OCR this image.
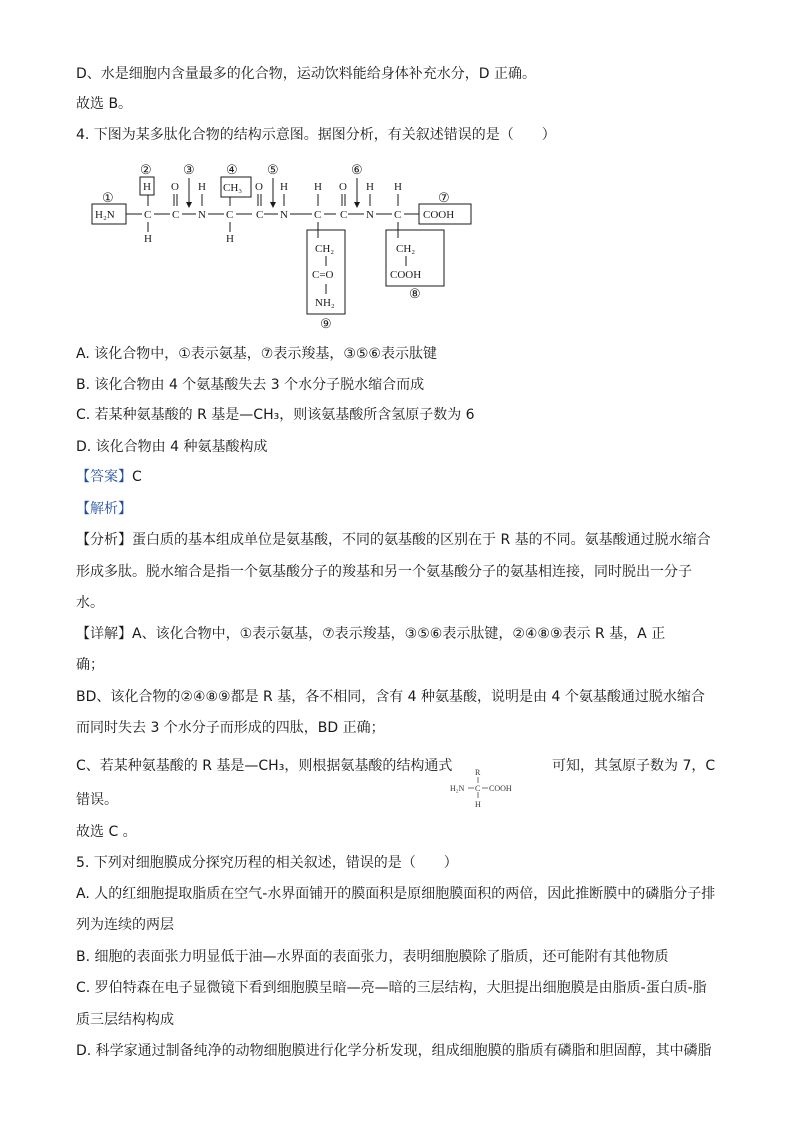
D、水是细胞内含量最多的化合物，运动饮料能给身体补充水分，D 正确。
故选 B。
4. 下图为某多肽化合物的结构示意图。据图分析，有关叙述错误的是（　　）
①
② ③ ④ ⑤	⑥
⑦
⑧
⑨
H₂N
H
C
H
O
C
H
N
CH₃
C
H
O
C
H
N
H
C
O
C
H
N
H
C COOH
CH₂
C=O
NH₂
CH₂
COOH
A. 该化合物中，①表示氨基，⑦表示羧基，③⑤⑥表示肽键
B. 该化合物由 4 个氨基酸失去 3 个水分子脱水缩合而成
C. 若某种氨基酸的 R 基是—CH₃，则该氨基酸所含氢原子数为 6
D. 该化合物由 4 种氨基酸构成
【答案】C
【解析】
【分析】蛋白质的基本组成单位是氨基酸，不同的氨基酸的区别在于 R 基的不同。氨基酸通过脱水缩合
形成多肽。脱水缩合是指一个氨基酸分子的羧基和另一个氨基酸分子的氨基相连接，同时脱出一分子
水。
【详解】A、该化合物中，①表示氨基，⑦表示羧基，③⑤⑥表示肽键，②④⑧⑨表示 R 基，A 正
确；
BD、该化合物的②④⑧⑨都是 R 基，各不相同，含有 4 种氨基酸，说明是由 4 个氨基酸通过脱水缩合
而同时失去 3 个水分子而形成的四肽，BD 正确；
C、若某种氨基酸的 R 基是—CH₃，则根据氨基酸的结构通式	可知，其氢原子数为 7，C
R
H₂N C COOH
H
错误。
故选 C 。
5. 下列对细胞膜成分探究历程的相关叙述，错误的是（　　）
A. 人的红细胞提取脂质在空气-水界面铺开的膜面积是原细胞膜面积的两倍，因此推断膜中的磷脂分子排
列为连续的两层
B. 细胞的表面张力明显低于油—水界面的表面张力，表明细胞膜除了脂质，还可能附有其他物质
C. 罗伯特森在电子显微镜下看到细胞膜呈暗—亮—暗的三层结构，大胆提出细胞膜是由脂质-蛋白质-脂
质三层结构构成
D. 科学家通过制备纯净的动物细胞膜进行化学分析发现，组成细胞膜的脂质有磷脂和胆固醇，其中磷脂
